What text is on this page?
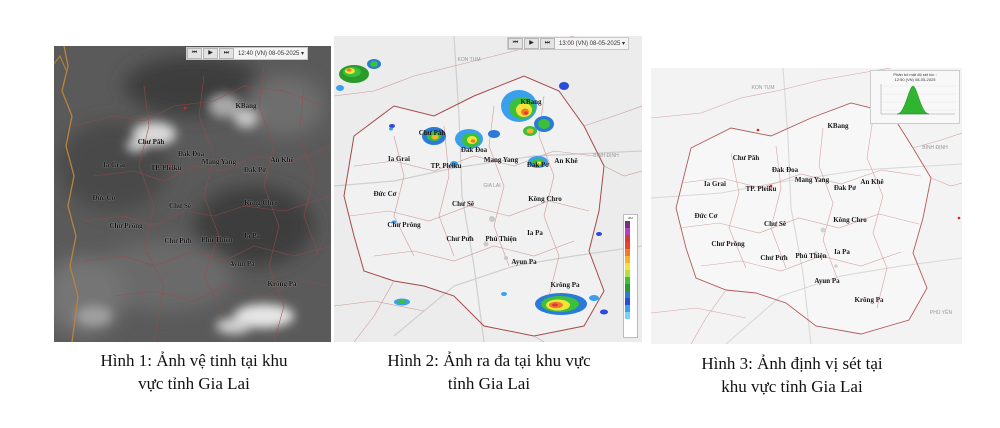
KBang
Chư Păh
Đak Đoa
Ia Grai	TP. Pleiku
Mang Yang
Đak Pơ
An Khê
Đức Cơ
Chư Sê	Kông Chro
Chư Prông
Chư Pưh Phú Thiện Ia Pa
Ayun Pa
Krông Pa
⏮	▶	⏭	12:40 (VN) 08-05-2025 ▾
KON TUM
BÌNH ĐỊNH
GIA LAI
KBang
Chư Păh
Đak Đoa
Ia Grai
TP. Pleiku
Mang Yang
Đak Pơ An Khê
Đức Cơ
Chư Sê
Kông Chro
Chư Prông
Chư Pưh Phú Thiện
Ia Pa
Ayun Pa
Krông Pa
⏮	▶	⏭	13:00 (VN) 08-05-2025 ▾
dBZ
KON TUM
BÌNH ĐỊNH
PHÚ YÊN
KBang
Chư Păh
Đak Đoa
Ia Grai
TP. Pleiku
Mang Yang
Đak Pơ
An Khê
Đức Cơ
Chư Sê	Kông Chro
Chư Prông
Chư Pưh Phú Thiện Ia Pa
Ayun Pa
Krông Pa
Phân bố mật độ sét lúc :
12:50 (VN) 08-05-2025
Hình 1: Ảnh vệ tinh tại khu
vực tỉnh Gia Lai
Hình 2: Ảnh ra đa tại khu vực
tỉnh Gia Lai
Hình 3: Ảnh định vị sét tại
khu vực tỉnh Gia Lai
